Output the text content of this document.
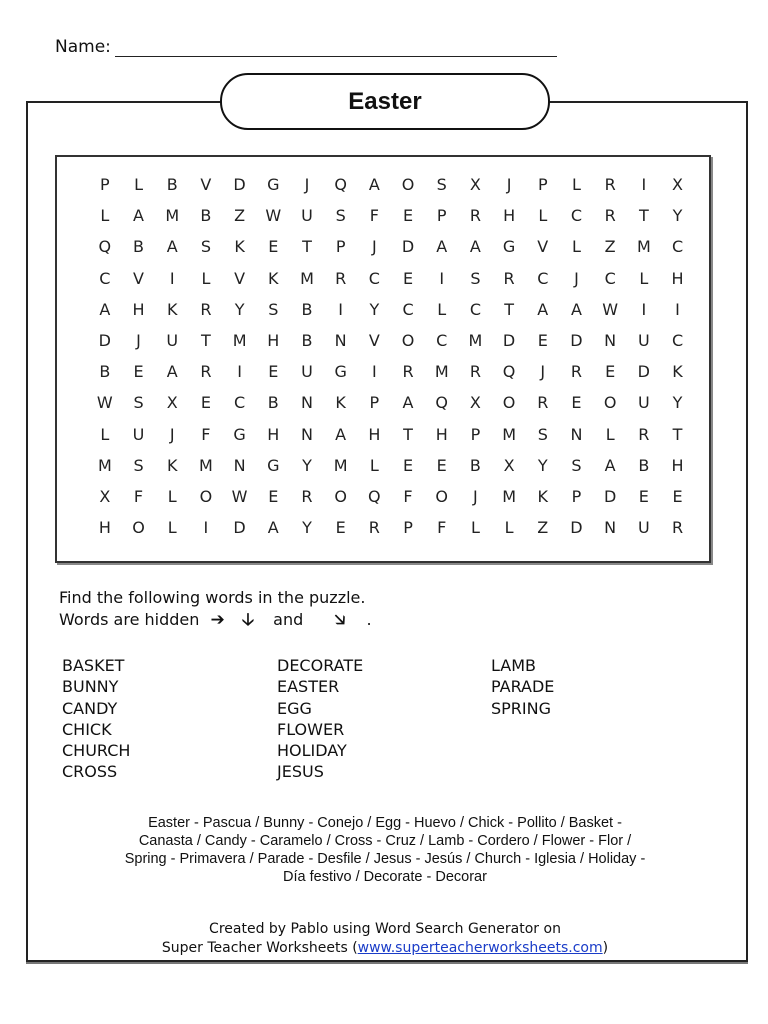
Name:
Easter
P	L	B	V	D	G	J	Q	A	O	S	X	J	P	L	R	I	X
L	A	M	B	Z	W	U	S	F	E	P	R	H	L	C	R	T	Y
Q	B	A	S	K	E	T	P	J	D	A	A	G	V	L	Z	M	C
C	V	I	L	V	K	M	R	C	E	I	S	R	C	J	C	L	H
A	H	K	R	Y	S	B	I	Y	C	L	C	T	A	A	W	I	I
D	J	U	T	M	H	B	N	V	O	C	M	D	E	D	N	U	C
B	E	A	R	I	E	U	G	I	R	M	R	Q	J	R	E	D	K
W	S	X	E	C	B	N	K	P	A	Q	X	O	R	E	O	U	Y
L	U	J	F	G	H	N	A	H	T	H	P	M	S	N	L	R	T
M	S	K	M	N	G	Y	M	L	E	E	B	X	Y	S	A	B	H
X	F	L	O	W	E	R	O	Q	F	O	J	M	K	P	D	E	E
H	O	L	I	D	A	Y	E	R	P	F	L	L	Z	D	N	U	R
Find the following words in the puzzle.
Words are hidden ➔ 🡣 and 🡦 .
BASKET
BUNNY
CANDY
CHICK
CHURCH
CROSS
DECORATE
EASTER
EGG
FLOWER
HOLIDAY
JESUS
LAMB
PARADE
SPRING
Easter - Pascua / Bunny - Conejo / Egg - Huevo / Chick - Pollito / Basket -
Canasta / Candy - Caramelo / Cross - Cruz / Lamb - Cordero / Flower - Flor /
Spring - Primavera / Parade - Desfile / Jesus - Jesús / Church - Iglesia / Holiday -
Día festivo / Decorate - Decorar
Created by Pablo using Word Search Generator on
Super Teacher Worksheets (www.superteacherworksheets.com)
